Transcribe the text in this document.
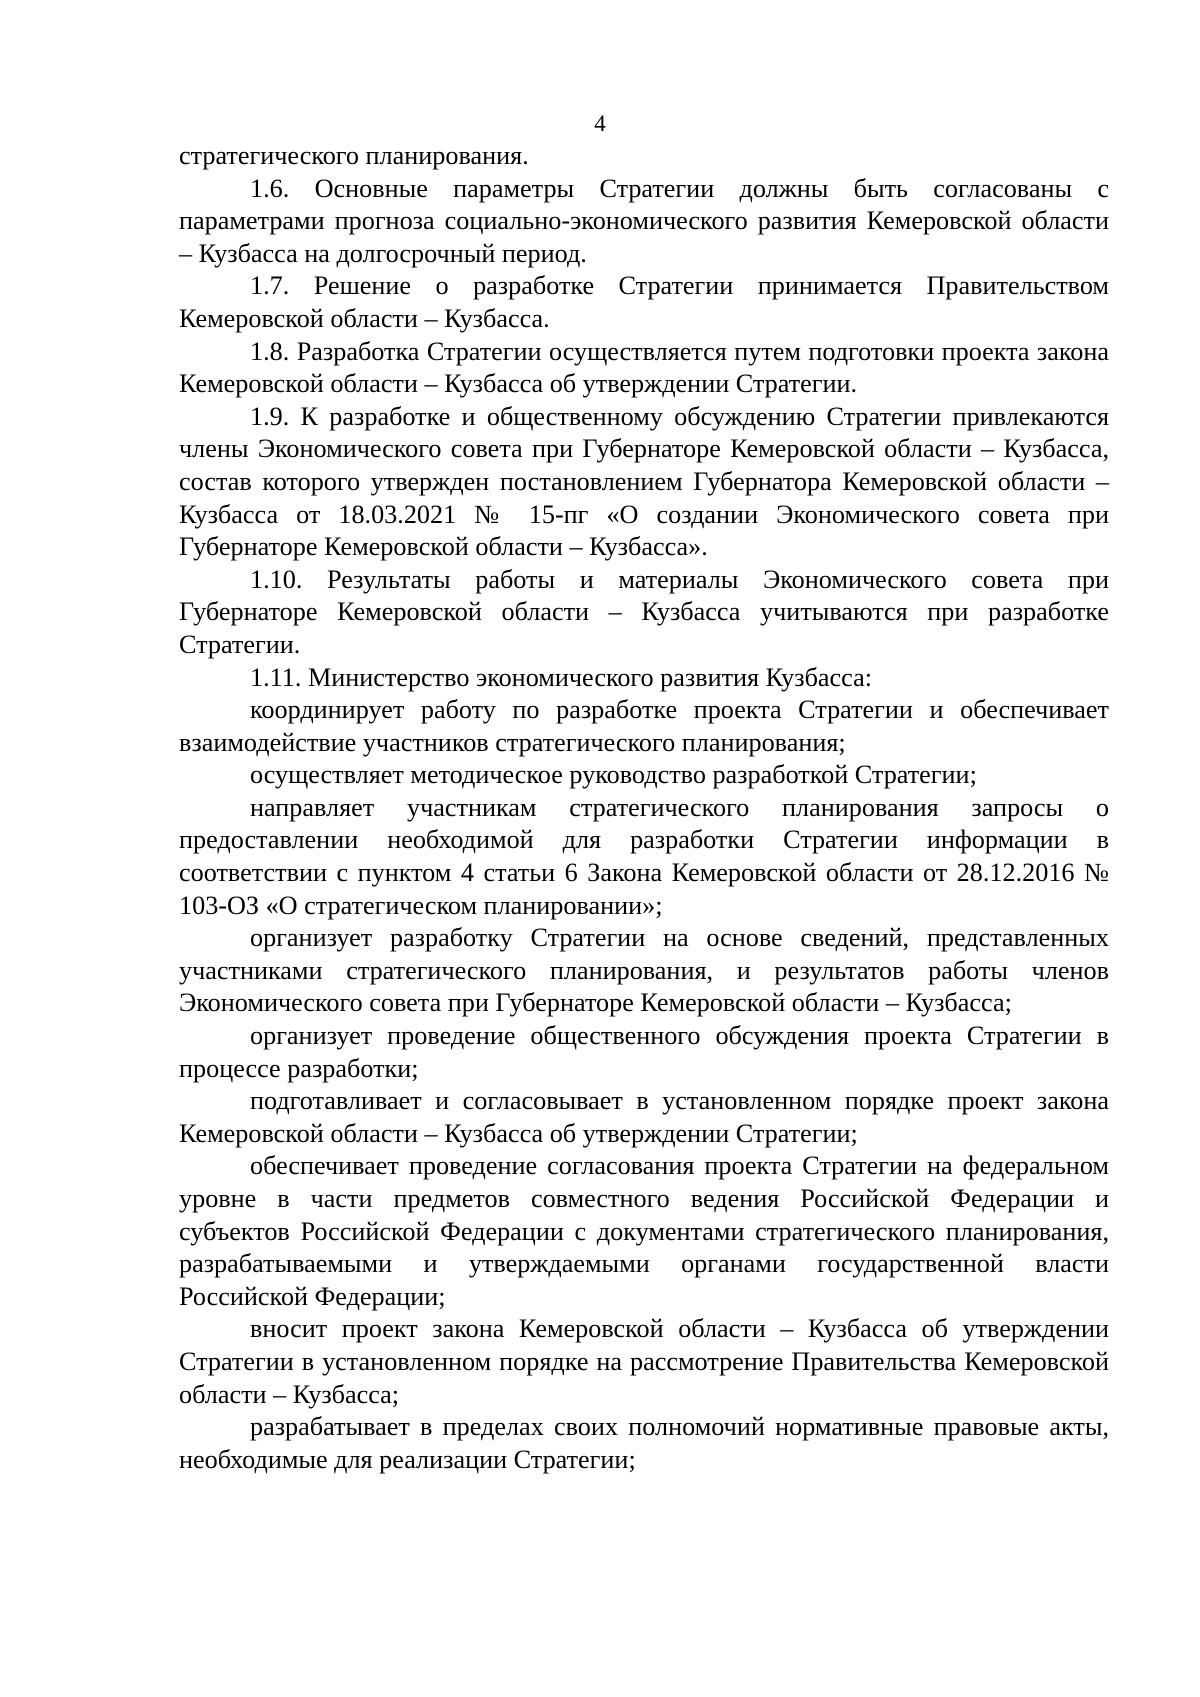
4

стратегического планирования.

1.6. Основные параметры Стратегии должны быть согласованы с параметрами прогноза социально-экономического развития Кемеровской области – Кузбасса на долгосрочный период.

1.7. Решение о разработке Стратегии принимается Правительством Кемеровской области – Кузбасса.

1.8. Разработка Стратегии осуществляется путем подготовки проекта закона Кемеровской области – Кузбасса об утверждении Стратегии.

1.9. К разработке и общественному обсуждению Стратегии привлекаются члены Экономического совета при Губернаторе Кемеровской области – Кузбасса, состав которого утвержден постановлением Губернатора Кемеровской области – Кузбасса от 18.03.2021 № 15-пг «О создании Экономического совета при Губернаторе Кемеровской области – Кузбасса».

1.10. Результаты работы и материалы Экономического совета при Губернаторе Кемеровской области – Кузбасса учитываются при разработке Стратегии.

1.11. Министерство экономического развития Кузбасса:

координирует работу по разработке проекта Стратегии и обеспечивает взаимодействие участников стратегического планирования;

осуществляет методическое руководство разработкой Стратегии;

направляет участникам стратегического планирования запросы о предоставлении необходимой для разработки Стратегии информации в соответствии с пунктом 4 статьи 6 Закона Кемеровской области от 28.12.2016 № 103-ОЗ «О стратегическом планировании»;

организует разработку Стратегии на основе сведений, представленных участниками стратегического планирования, и результатов работы членов Экономического совета при Губернаторе Кемеровской области – Кузбасса;

организует проведение общественного обсуждения проекта Стратегии в процессе разработки;

подготавливает и согласовывает в установленном порядке проект закона Кемеровской области – Кузбасса об утверждении Стратегии;

обеспечивает проведение согласования проекта Стратегии на федеральном уровне в части предметов совместного ведения Российской Федерации и субъектов Российской Федерации с документами стратегического планирования, разрабатываемыми и утверждаемыми органами государственной власти Российской Федерации;

вносит проект закона Кемеровской области – Кузбасса об утверждении Стратегии в установленном порядке на рассмотрение Правительства Кемеровской области – Кузбасса;

разрабатывает в пределах своих полномочий нормативные правовые акты, необходимые для реализации Стратегии;
